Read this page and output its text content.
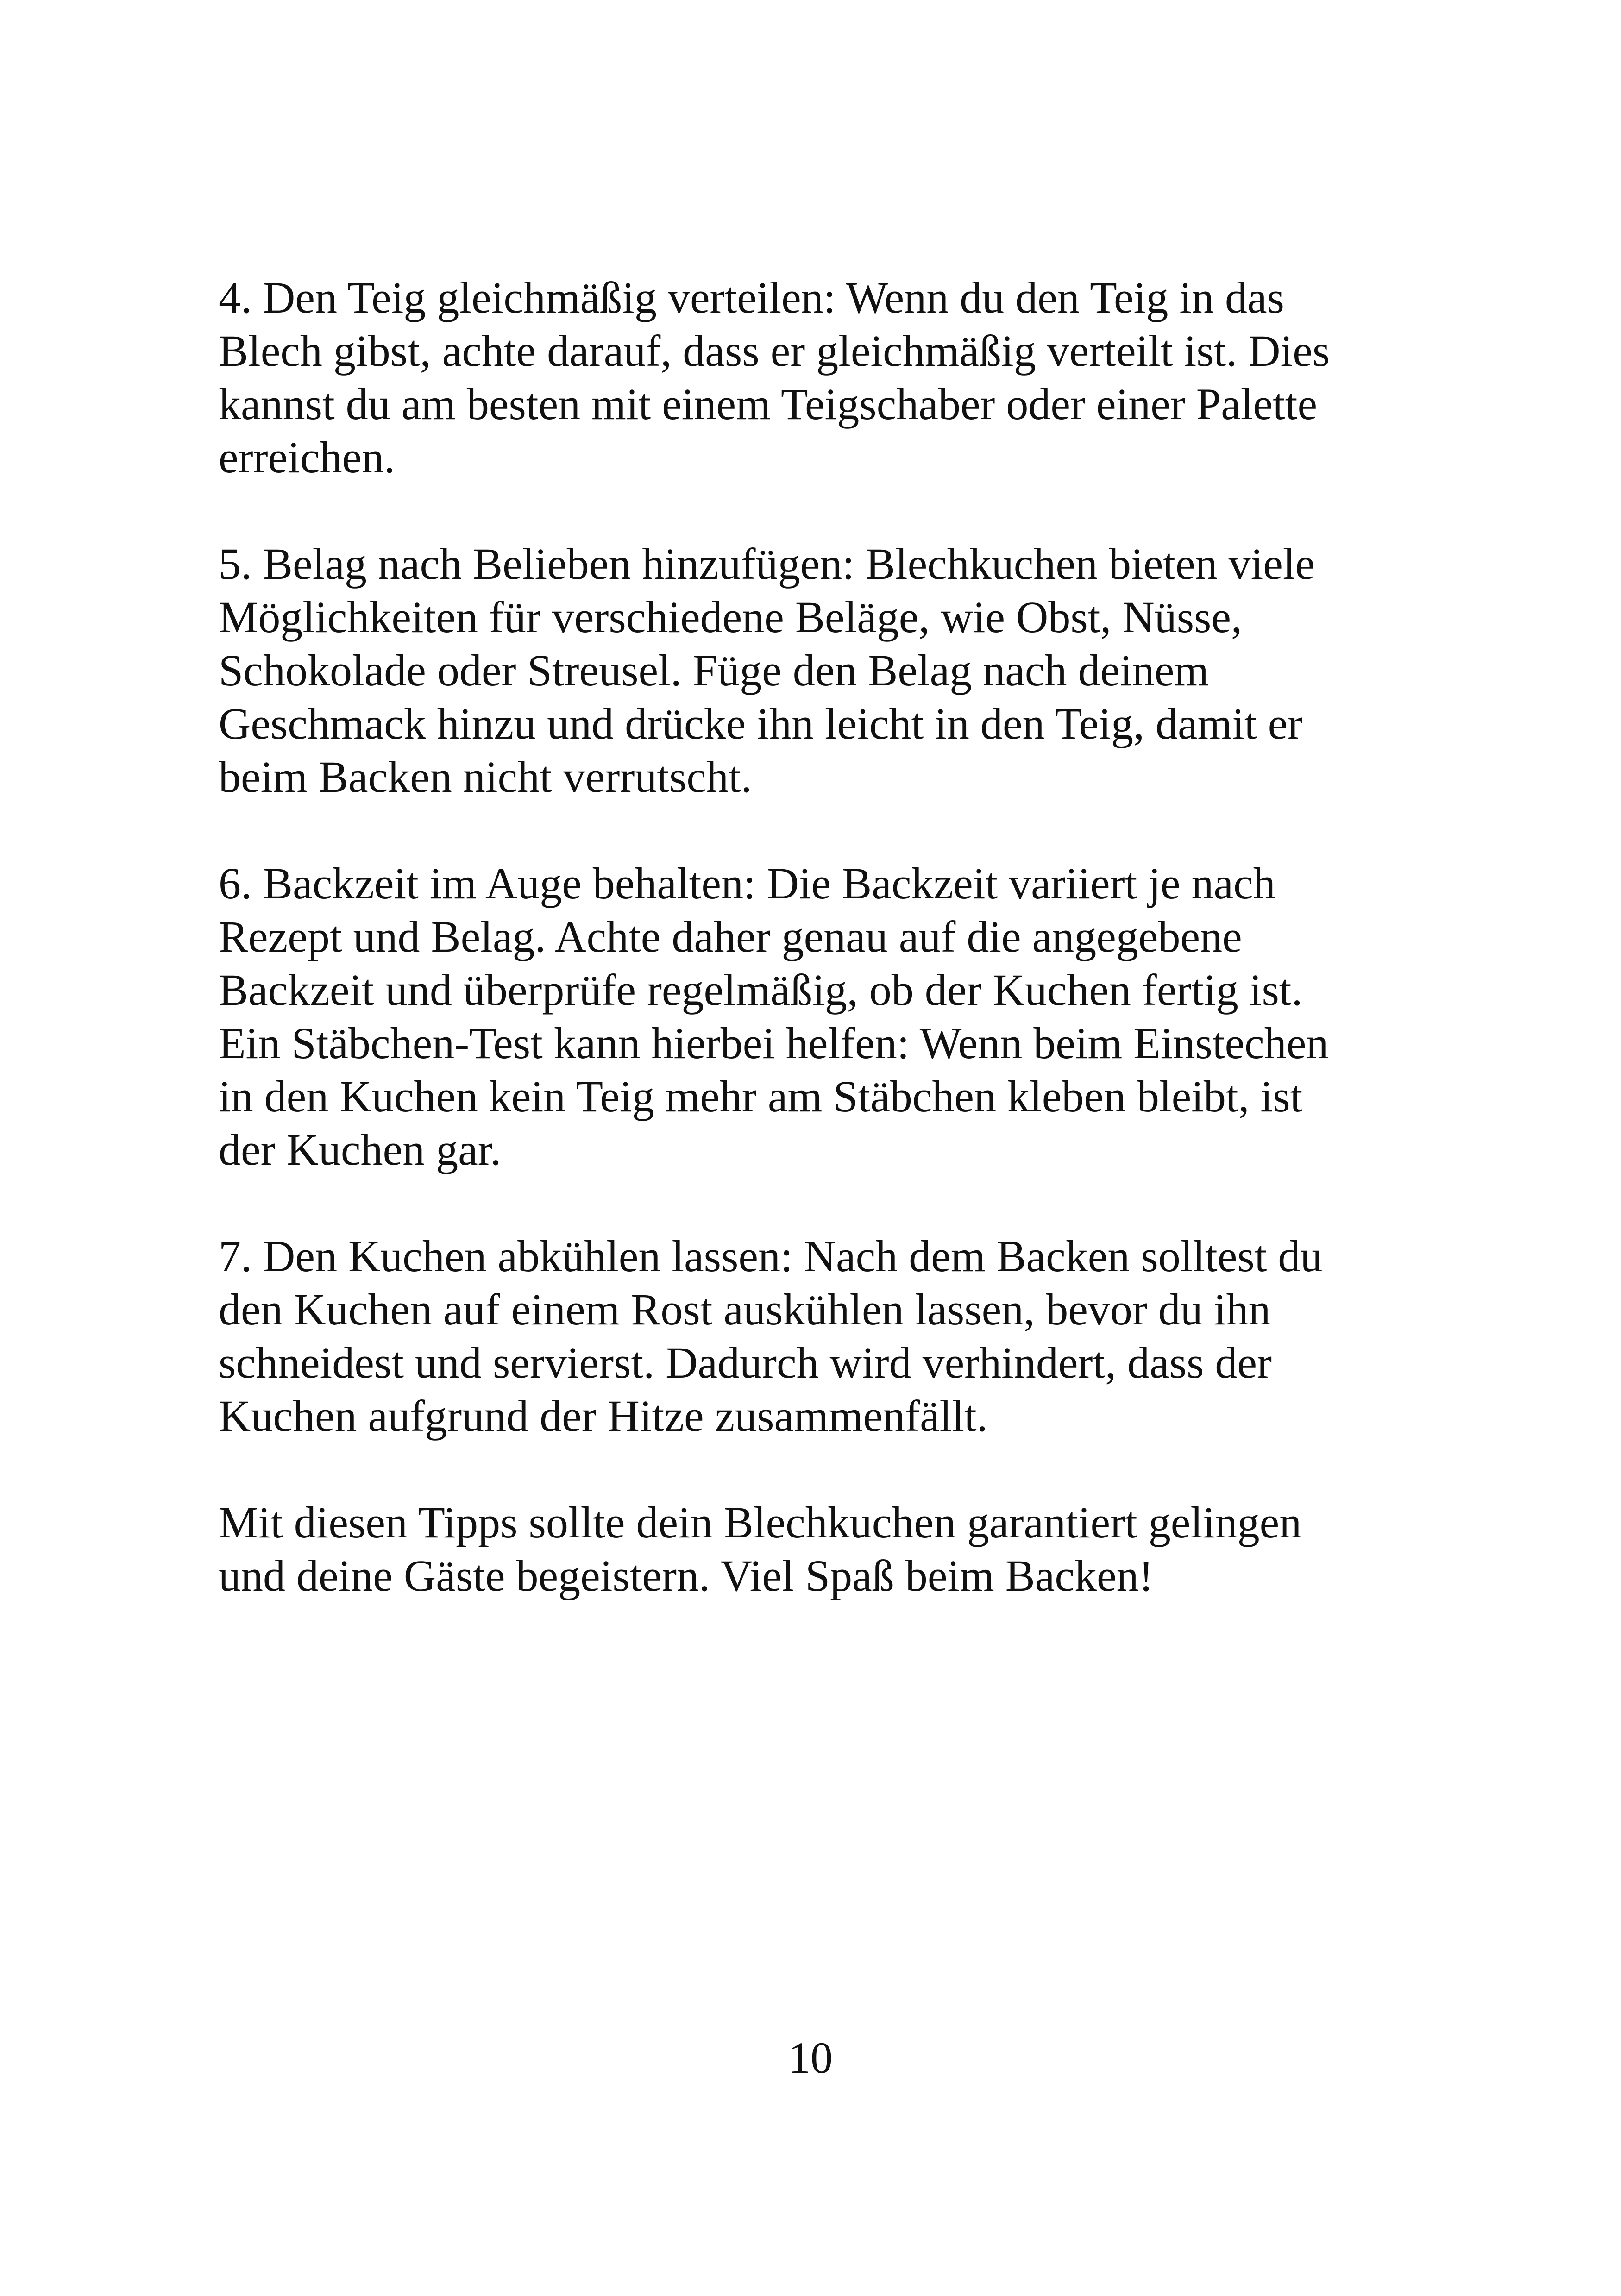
4. Den Teig gleichmäßig verteilen: Wenn du den Teig in das
Blech gibst, achte darauf, dass er gleichmäßig verteilt ist. Dies
kannst du am besten mit einem Teigschaber oder einer Palette
erreichen.

5. Belag nach Belieben hinzufügen: Blechkuchen bieten viele
Möglichkeiten für verschiedene Beläge, wie Obst, Nüsse,
Schokolade oder Streusel. Füge den Belag nach deinem
Geschmack hinzu und drücke ihn leicht in den Teig, damit er
beim Backen nicht verrutscht.

6. Backzeit im Auge behalten: Die Backzeit variiert je nach
Rezept und Belag. Achte daher genau auf die angegebene
Backzeit und überprüfe regelmäßig, ob der Kuchen fertig ist.
Ein Stäbchen-Test kann hierbei helfen: Wenn beim Einstechen
in den Kuchen kein Teig mehr am Stäbchen kleben bleibt, ist
der Kuchen gar.

7. Den Kuchen abkühlen lassen: Nach dem Backen solltest du
den Kuchen auf einem Rost auskühlen lassen, bevor du ihn
schneidest und servierst. Dadurch wird verhindert, dass der
Kuchen aufgrund der Hitze zusammenfällt.

Mit diesen Tipps sollte dein Blechkuchen garantiert gelingen
und deine Gäste begeistern. Viel Spaß beim Backen!

10
